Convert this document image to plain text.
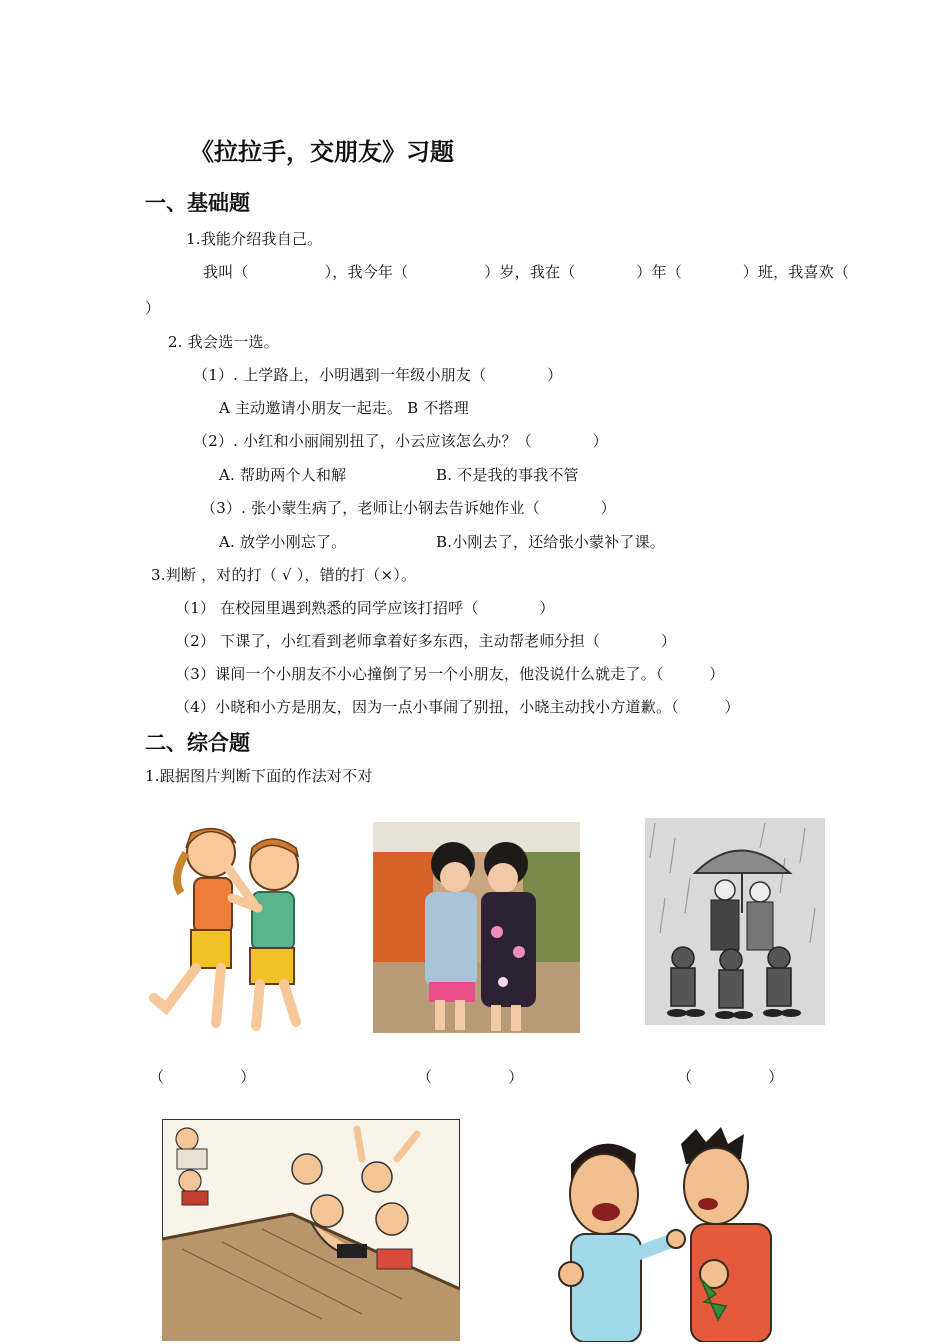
《拉拉手，交朋友》习题
一、基础题
1.我能介绍我自己。
我叫（　　　　　），我今年（　　　　　）岁，我在（　　　　）年（　　　　）班，我喜欢（
）
2. 我会选一选。
（1）. 上学路上，小明遇到一年级小朋友（　　　　）
A 主动邀请小朋友一起走。 B 不搭理
（2）. 小红和小丽闹别扭了，小云应该怎么办？（　　　　）
A. 帮助两个人和解	B. 不是我的事我不管
（3）. 张小蒙生病了，老师让小钢去告诉她作业（　　　　）
A. 放学小刚忘了。	B.小刚去了，还给张小蒙补了课。
3.判断 ，对的打（ √ ），错的打（×）。
（1） 在校园里遇到熟悉的同学应该打招呼（　　　　）
（2） 下课了，小红看到老师拿着好多东西，主动帮老师分担（　　　　）
（3）课间一个小朋友不小心撞倒了另一个小朋友，他没说什么就走了。（　　　）
（4）小晓和小方是朋友，因为一点小事闹了别扭，小晓主动找小方道歉。（　　　）
二、综合题
1.跟据图片判断下面的作法对不对
（　　　　　）	（　　　　　）	（　　　　　）
